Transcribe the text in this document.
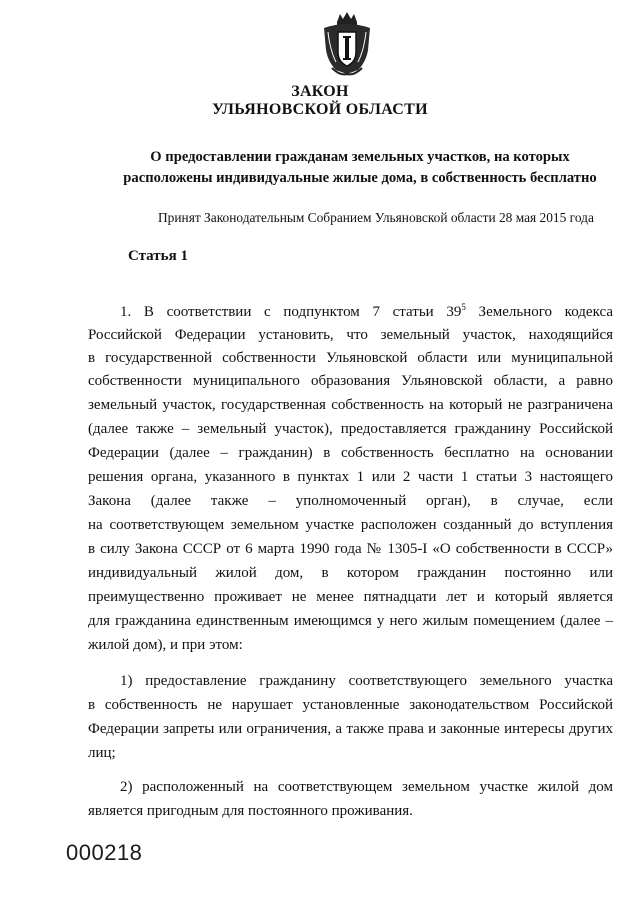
ЗАКОН

УЛЬЯНОВСКОЙ ОБЛАСТИ

О предоставлении гражданам земельных участков, на которых расположены индивидуальные жилые дома, в собственность бесплатно

Принят Законодательным Собранием Ульяновской области 28 мая 2015 года

Статья 1

1. В соответствии с подпунктом 7 статьи $39^5$ Земельного кодекса

Российской Федерации установить, что земельный участок, находящийся

в государственной собственности Ульяновской области или муниципальной

собственности муниципального образования Ульяновской области, а равно

земельный участок, государственная собственность на который не разграничена

(далее также – земельный участок), предоставляется гражданину Российской

Федерации (далее – гражданин) в собственность бесплатно на основании

решения органа, указанного в пунктах 1 или 2 части 1 статьи 3 настоящего

Закона (далее также – уполномоченный орган), в случае, если

на соответствующем земельном участке расположен созданный до вступления

в силу Закона СССР от 6 марта 1990 года № 1305-I «О собственности в СССР»

индивидуальный жилой дом, в котором гражданин постоянно или

преимущественно проживает не менее пятнадцати лет и который является

для гражданина единственным имеющимся у него жилым помещением (далее –

жилой дом), и при этом:

1) предоставление гражданину соответствующего земельного участка

в собственность не нарушает установленные законодательством Российской

Федерации запреты или ограничения, а также права и законные интересы других

лиц;

2) расположенный на соответствующем земельном участке жилой дом

является пригодным для постоянного проживания.

000218
